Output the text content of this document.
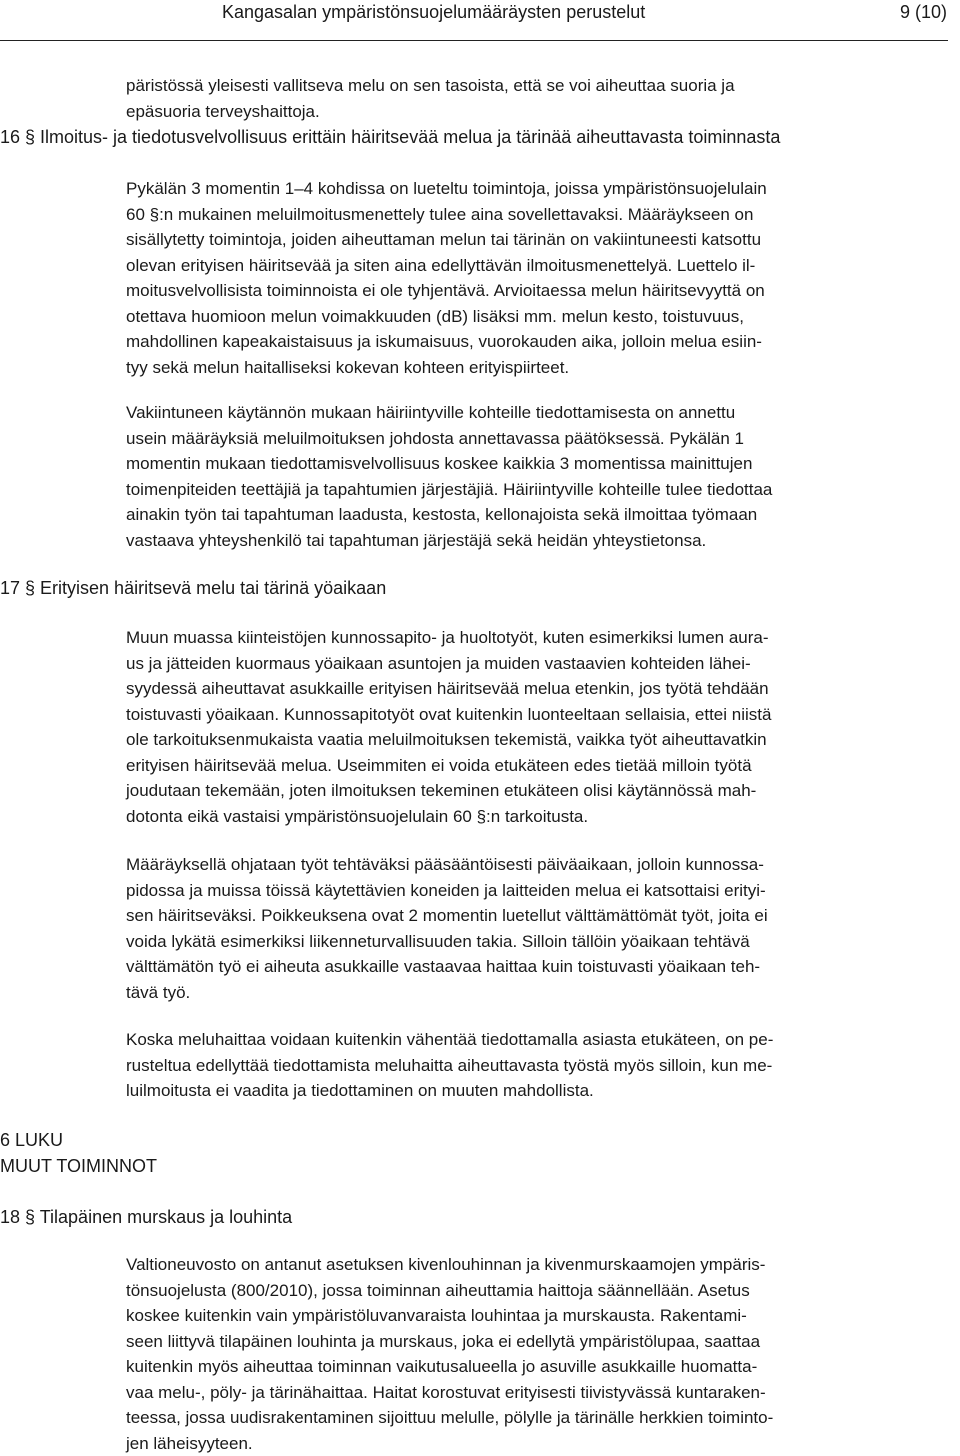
Kangasalan ympäristönsuojelumääräysten perustelut	9 (10)
päristössä yleisesti vallitseva melu on sen tasoista, että se voi aiheuttaa suoria ja
epäsuoria terveyshaittoja.
16 § Ilmoitus- ja tiedotusvelvollisuus erittäin häiritsevää melua ja tärinää aiheuttavasta toiminnasta
Pykälän 3 momentin 1–4 kohdissa on lueteltu toimintoja, joissa ympäristönsuojelulain
60 §:n mukainen meluilmoitusmenettely tulee aina sovellettavaksi. Määräykseen on
sisällytetty toimintoja, joiden aiheuttaman melun tai tärinän on vakiintuneesti katsottu
olevan erityisen häiritsevää ja siten aina edellyttävän ilmoitusmenettelyä. Luettelo il-
moitusvelvollisista toiminnoista ei ole tyhjentävä. Arvioitaessa melun häiritsevyyttä on
otettava huomioon melun voimakkuuden (dB) lisäksi mm. melun kesto, toistuvuus,
mahdollinen kapeakaistaisuus ja iskumaisuus, vuorokauden aika, jolloin melua esiin-
tyy sekä melun haitalliseksi kokevan kohteen erityispiirteet.
Vakiintuneen käytännön mukaan häiriintyville kohteille tiedottamisesta on annettu
usein määräyksiä meluilmoituksen johdosta annettavassa päätöksessä. Pykälän 1
momentin mukaan tiedottamisvelvollisuus koskee kaikkia 3 momentissa mainittujen
toimenpiteiden teettäjiä ja tapahtumien järjestäjiä. Häiriintyville kohteille tulee tiedottaa
ainakin työn tai tapahtuman laadusta, kestosta, kellonajoista sekä ilmoittaa työmaan
vastaava yhteyshenkilö tai tapahtuman järjestäjä sekä heidän yhteystietonsa.
17 § Erityisen häiritsevä melu tai tärinä yöaikaan
Muun muassa kiinteistöjen kunnossapito- ja huoltotyöt, kuten esimerkiksi lumen aura-
us ja jätteiden kuormaus yöaikaan asuntojen ja muiden vastaavien kohteiden lähei-
syydessä aiheuttavat asukkaille erityisen häiritsevää melua etenkin, jos työtä tehdään
toistuvasti yöaikaan. Kunnossapitotyöt ovat kuitenkin luonteeltaan sellaisia, ettei niistä
ole tarkoituksenmukaista vaatia meluilmoituksen tekemistä, vaikka työt aiheuttavatkin
erityisen häiritsevää melua. Useimmiten ei voida etukäteen edes tietää milloin työtä
joudutaan tekemään, joten ilmoituksen tekeminen etukäteen olisi käytännössä mah-
dotonta eikä vastaisi ympäristönsuojelulain 60 §:n tarkoitusta.
Määräyksellä ohjataan työt tehtäväksi pääsääntöisesti päiväaikaan, jolloin kunnossa-
pidossa ja muissa töissä käytettävien koneiden ja laitteiden melua ei katsottaisi erityi-
sen häiritseväksi. Poikkeuksena ovat 2 momentin luetellut välttämättömät työt, joita ei
voida lykätä esimerkiksi liikenneturvallisuuden takia. Silloin tällöin yöaikaan tehtävä
välttämätön työ ei aiheuta asukkaille vastaavaa haittaa kuin toistuvasti yöaikaan teh-
tävä työ.
Koska meluhaittaa voidaan kuitenkin vähentää tiedottamalla asiasta etukäteen, on pe-
rusteltua edellyttää tiedottamista meluhaitta aiheuttavasta työstä myös silloin, kun me-
luilmoitusta ei vaadita ja tiedottaminen on muuten mahdollista.
6 LUKU
MUUT TOIMINNOT
18 § Tilapäinen murskaus ja louhinta
Valtioneuvosto on antanut asetuksen kivenlouhinnan ja kivenmurskaamojen ympäris-
tönsuojelusta (800/2010), jossa toiminnan aiheuttamia haittoja säännellään. Asetus
koskee kuitenkin vain ympäristöluvanvaraista louhintaa ja murskausta. Rakentami-
seen liittyvä tilapäinen louhinta ja murskaus, joka ei edellytä ympäristölupaa, saattaa
kuitenkin myös aiheuttaa toiminnan vaikutusalueella jo asuville asukkaille huomatta-
vaa melu-, pöly- ja tärinähaittaa. Haitat korostuvat erityisesti tiivistyvässä kuntaraken-
teessa, jossa uudisrakentaminen sijoittuu melulle, pölylle ja tärinälle herkkien toiminto-
jen läheisyyteen.
